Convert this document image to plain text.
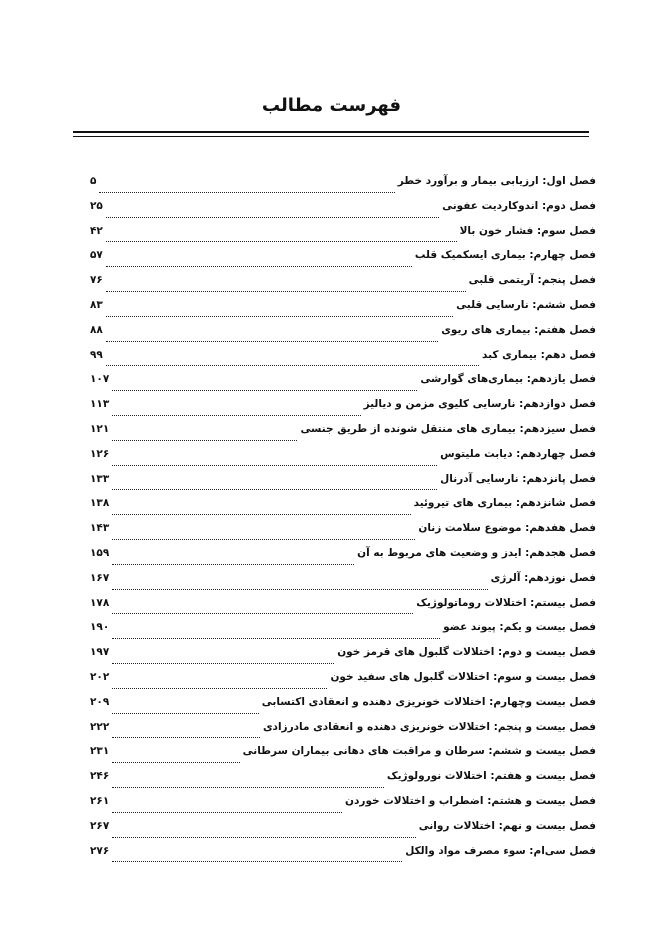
فهرست مطالب
فصل اول: ارزیابی بیمار و برآورد خطر
۵
فصل دوم: اندوکاردیت عفونی
۲۵
فصل سوم: فشار خون بالا
۴۲
فصل چهارم: بیماری ایسکمیک قلب
۵۷
فصل پنجم: آریتمی قلبی
۷۶
فصل ششم: نارسایی قلبی
۸۳
فصل هفتم: بیماری های ریوی
۸۸
فصل دهم: بیماری کبد
۹۹
فصل یازدهم: بیماری‌های گوارشی
۱۰۷
فصل دوازدهم: نارسایی کلیوی مزمن و دیالیز
۱۱۳
فصل سیزدهم: بیماری های منتقل شونده از طریق جنسی
۱۲۱
فصل چهاردهم: دیابت ملیتوس
۱۲۶
فصل پانزدهم: نارسایی آدرنال
۱۳۳
فصل شانزدهم: بیماری های تیروئید
۱۳۸
فصل هفدهم: موضوع سلامت زنان
۱۴۳
فصل هجدهم: ایدز و وضعیت های مربوط به آن
۱۵۹
فصل نوزدهم: آلرژی
۱۶۷
فصل بیستم: اختلالات روماتولوژیک
۱۷۸
فصل بیست و یکم: پیوند عضو
۱۹۰
فصل بیست و دوم: اختلالات گلبول های قرمز خون
۱۹۷
فصل بیست و سوم: اختلالات گلبول های سفید خون
۲۰۲
فصل بیست وچهارم: اختلالات خونریزی دهنده و انعقادی اکتسابی
۲۰۹
فصل بیست و پنجم: اختلالات خونریزی دهنده و انعقادی مادرزادی
۲۲۲
فصل بیست و ششم: سرطان و مراقبت های دهانی بیماران سرطانی
۲۳۱
فصل بیست و هفتم: اختلالات نورولوژیک
۲۴۶
فصل بیست و هشتم: اضطراب و اختلالات خوردن
۲۶۱
فصل بیست و نهم: اختلالات روانی
۲۶۷
فصل سی‌ام: سوء مصرف مواد والکل
۲۷۶
